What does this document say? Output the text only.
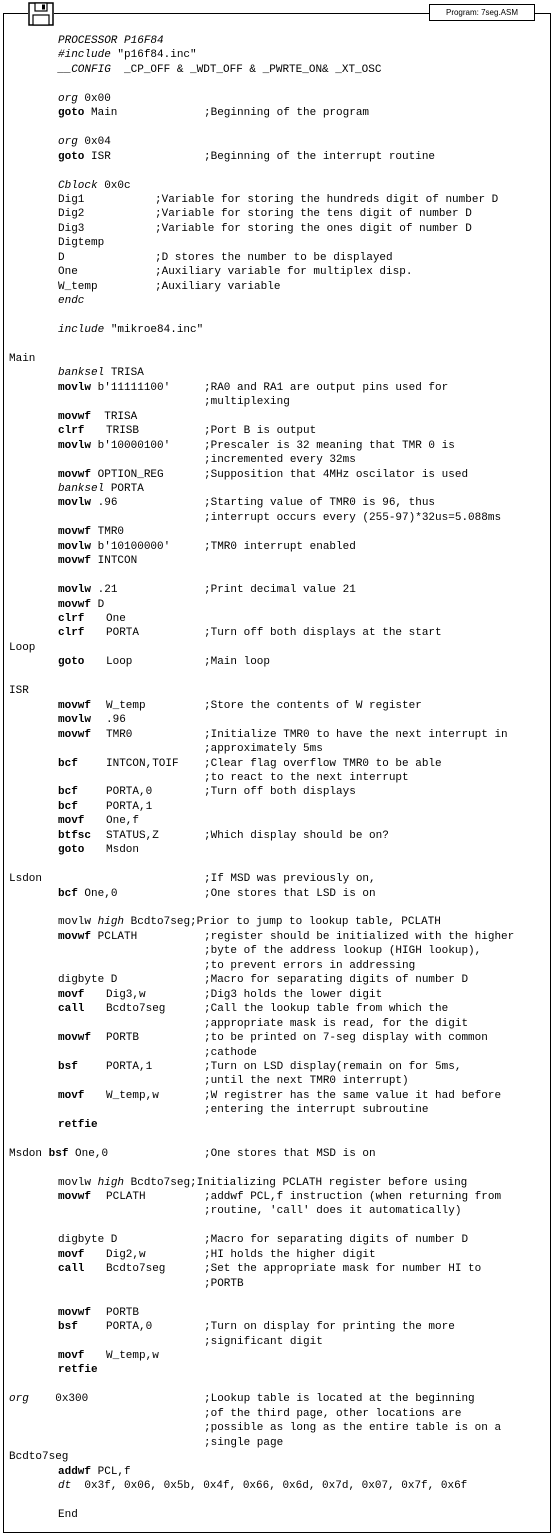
Program: 7seg.ASM
PROCESSOR P16F84
#include "p16f84.inc"
__CONFIG  _CP_OFF & _WDT_OFF & _PWRTE_ON& _XT_OSC
org 0x00
goto Main	;Beginning of the program
org 0x04
goto ISR	;Beginning of the interrupt routine
Cblock 0x0c
Dig1	;Variable for storing the hundreds digit of number D
Dig2	;Variable for storing the tens digit of number D
Dig3	;Variable for storing the ones digit of number D
Digtemp
D	;D stores the number to be displayed
One	;Auxiliary variable for multiplex disp.
W_temp	;Auxiliary variable
endc
include "mikroe84.inc"
Main
banksel TRISA
movlw b'11111100'	;RA0 and RA1 are output pins used for
;multiplexing
movwf  TRISA
clrf TRISB	;Port B is output
movlw b'10000100'	;Prescaler is 32 meaning that TMR 0 is
;incremented every 32ms
movwf OPTION_REG	;Supposition that 4MHz oscilator is used
banksel PORTA
movlw .96	;Starting value of TMR0 is 96, thus
;interrupt occurs every (255-97)*32us=5.088ms
movwf TMR0
movlw b'10100000'	;TMR0 interrupt enabled
movwf INTCON
movlw .21	;Print decimal value 21
movwf D
clrf One
clrf PORTA	;Turn off both displays at the start
Loop
goto Loop	;Main loop
ISR
movwf W_temp	;Store the contents of W register
movlw .96
movwf TMR0	;Initialize TMR0 to have the next interrupt in
;approximately 5ms
bcf	INTCON,TOIF ;Clear flag overflow TMR0 to be able
;to react to the next interrupt
bcf	PORTA,0	;Turn off both displays
bcf	PORTA,1
movf One,f
btfsc STATUS,Z	;Which display should be on?
goto Msdon
Lsdon	;If MSD was previously on,
bcf One,0	;One stores that LSD is on
movlw high Bcdto7seg;Prior to jump to lookup table, PCLATH
movwf PCLATH	;register should be initialized with the higher
;byte of the address lookup (HIGH lookup),
;to prevent errors in addressing
digbyte D	;Macro for separating digits of number D
movf Dig3,w	;Dig3 holds the lower digit
call Bcdto7seg	;Call the lookup table from which the
;appropriate mask is read, for the digit
movwf PORTB	;to be printed on 7-seg display with common
;cathode
bsf	PORTA,1	;Turn on LSD display(remain on for 5ms,
;until the next TMR0 interrupt)
movf W_temp,w	;W registrer has the same value it had before
;entering the interrupt subroutine
retfie
Msdon bsf One,0	;One stores that MSD is on
movlw high Bcdto7seg;Initializing PCLATH register before using
movwf PCLATH	;addwf PCL,f instruction (when returning from
;routine, 'call' does it automatically)
digbyte D	;Macro for separating digits of number D
movf Dig2,w	;HI holds the higher digit
call Bcdto7seg	;Set the appropriate mask for number HI to
;PORTB
movwf PORTB
bsf	PORTA,0	;Turn on display for printing the more
;significant digit
movf W_temp,w
retfie
org    0x300	;Lookup table is located at the beginning
;of the third page, other locations are
;possible as long as the entire table is on a
;single page
Bcdto7seg
addwf PCL,f
dt  0x3f, 0x06, 0x5b, 0x4f, 0x66, 0x6d, 0x7d, 0x07, 0x7f, 0x6f
End
